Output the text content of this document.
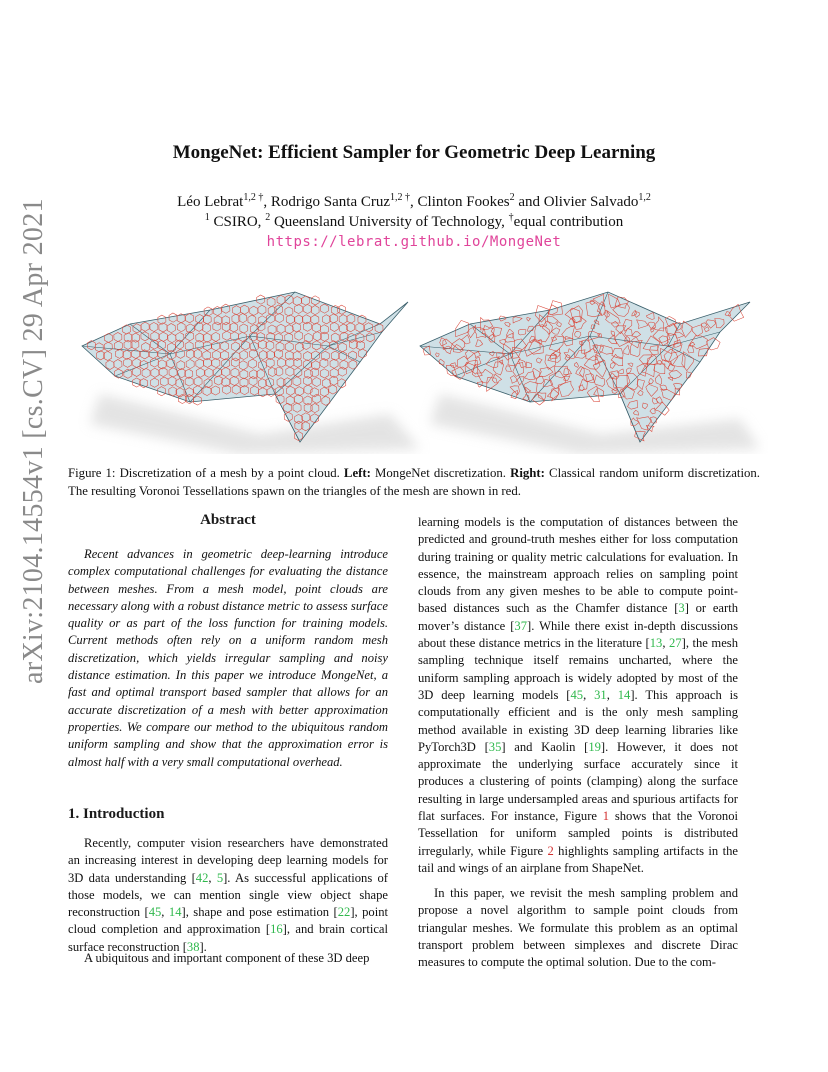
arXiv:2104.14554v1 [cs.CV] 29 Apr 2021
MongeNet: Efficient Sampler for Geometric Deep Learning
Léo Lebrat$^{1,2 \dagger}$, Rodrigo Santa Cruz$^{1,2 \dagger}$, Clinton Fookes$^2$ and Olivier Salvado$^{1,2}$
$^1$ CSIRO, $^2$ Queensland University of Technology, †equal contribution
https://lebrat.github.io/MongeNet
Figure 1: Discretization of a mesh by a point cloud. Left: MongeNet discretization. Right: Classical random uniform discretization. The resulting Voronoi Tessellations spawn on the triangles of the mesh are shown in red.
Abstract
Recent advances in geometric deep-learning introduce complex computational challenges for evaluating the distance between meshes. From a mesh model, point clouds are necessary along with a robust distance metric to assess surface quality or as part of the loss function for training models. Current methods often rely on a uniform random mesh discretization, which yields irregular sampling and noisy distance estimation. In this paper we introduce MongeNet, a fast and optimal transport based sampler that allows for an accurate discretization of a mesh with better approximation properties. We compare our method to the ubiquitous random uniform sampling and show that the approximation error is almost half with a very small computational overhead.
1. Introduction
Recently, computer vision researchers have demonstrated an increasing interest in developing deep learning models for 3D data understanding [42, 5]. As successful applications of those models, we can mention single view object shape reconstruction [45, 14], shape and pose estimation [22], point cloud completion and approximation [16], and brain cortical surface reconstruction [38].
A ubiquitous and important component of these 3D deep
learning models is the computation of distances between the predicted and ground-truth meshes either for loss computation during training or quality metric calculations for evaluation. In essence, the mainstream approach relies on sampling point clouds from any given meshes to be able to compute point-based distances such as the Chamfer distance [3] or earth mover’s distance [37]. While there exist in-depth discussions about these distance metrics in the literature [13, 27], the mesh sampling technique itself remains uncharted, where the uniform sampling approach is widely adopted by most of the 3D deep learning models [45, 31, 14]. This approach is computationally efficient and is the only mesh sampling method available in existing 3D deep learning libraries like PyTorch3D [35] and Kaolin [19]. However, it does not approximate the underlying surface accurately since it produces a clustering of points (clamping) along the surface resulting in large undersampled areas and spurious artifacts for flat surfaces. For instance, Figure 1 shows that the Voronoi Tessellation for uniform sampled points is distributed irregularly, while Figure 2 highlights sampling artifacts in the tail and wings of an airplane from ShapeNet.
In this paper, we revisit the mesh sampling problem and propose a novel algorithm to sample point clouds from triangular meshes. We formulate this problem as an optimal transport problem between simplexes and discrete Dirac measures to compute the optimal solution. Due to the com-
